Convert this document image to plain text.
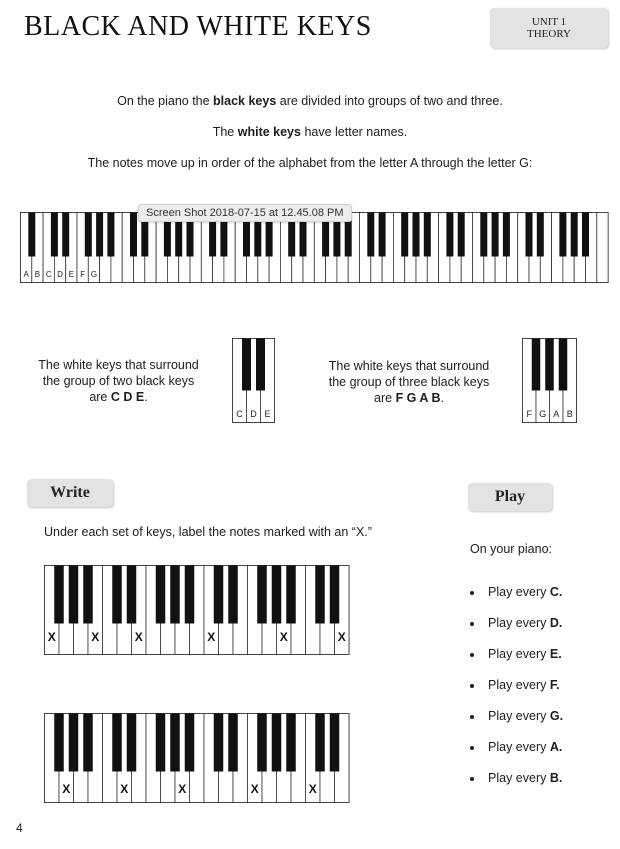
BLACK AND WHITE KEYS	UNIT 1
THEORY
On the piano the black keys are divided into groups of two and three.
The white keys have letter names.
The notes move up in order of the alphabet from the letter A through the letter G:
A B C D E F G
Screen Shot 2018-07-15 at 12.45.08 PM
The white keys that surround
the group of two black keys
are C D E.
C D E
The white keys that surround
the group of three black keys
are F G A B.
F G A B
Write
Under each set of keys, label the notes marked with an “X.”
X	X	X	X	X	X
X	X	X	X	X
Play
On your piano:
Play every C.
Play every D.
Play every E.
Play every F.
Play every G.
Play every A.
Play every B.
4
